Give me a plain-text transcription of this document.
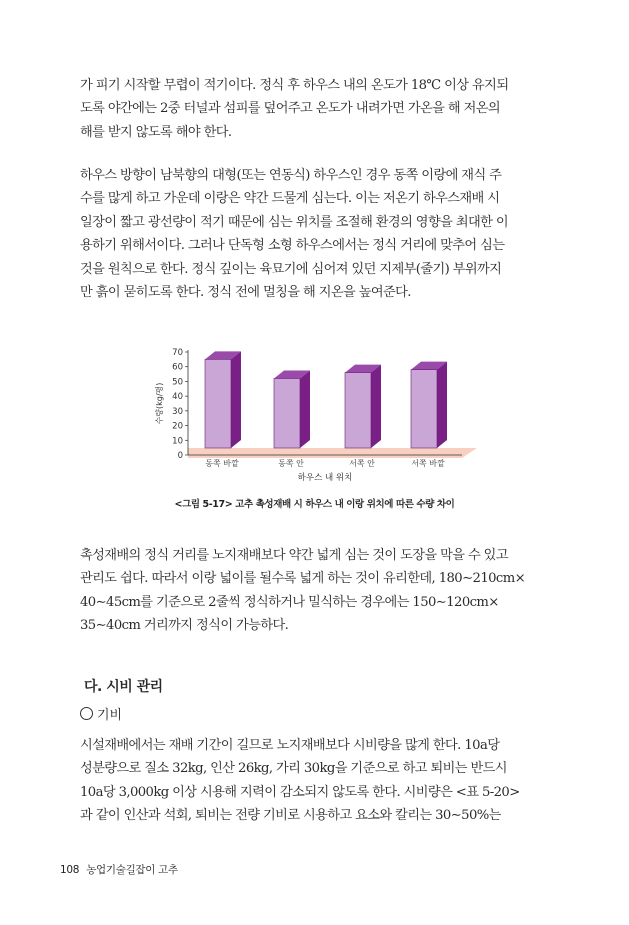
가 피기 시작할 무렵이 적기이다. 정식 후 하우스 내의 온도가 18℃ 이상 유지되
도록 야간에는 2중 터널과 섬피를 덮어주고 온도가 내려가면 가온을 해 저온의
해를 받지 않도록 해야 한다.
하우스 방향이 남북향의 대형(또는 연동식) 하우스인 경우 동쪽 이랑에 재식 주
수를 많게 하고 가운데 이랑은 약간 드물게 심는다. 이는 저온기 하우스재배 시
일장이 짧고 광선량이 적기 때문에 심는 위치를 조절해 환경의 영향을 최대한 이
용하기 위해서이다. 그러나 단독형 소형 하우스에서는 정식 거리에 맞추어 심는
것을 원칙으로 한다. 정식 깊이는 육묘기에 심어져 있던 지제부(줄기) 부위까지
만 흙이 묻히도록 한다. 정식 전에 멀칭을 해 지온을 높여준다.
0
10
20
30
40
50
60
70
수량(kg/평)
동쪽 바깥	동쪽 안	서쪽 안	서쪽 바깥
하우스 내 위치
<그림 5-17> 고추 촉성재배 시 하우스 내 이랑 위치에 따른 수량 차이
촉성재배의 정식 거리를 노지재배보다 약간 넓게 심는 것이 도장을 막을 수 있고
관리도 쉽다. 따라서 이랑 넓이를 될수록 넓게 하는 것이 유리한데, 180∼210cm×
40∼45cm를 기준으로 2줄씩 정식하거나 밀식하는 경우에는 150∼120cm×
35∼40cm 거리까지 정식이 가능하다.
다. 시비 관리
기비
시설재배에서는 재배 기간이 길므로 노지재배보다 시비량을 많게 한다. 10a당
성분량으로 질소 32kg, 인산 26kg, 가리 30kg을 기준으로 하고 퇴비는 반드시
10a당 3,000kg 이상 시용해 지력이 감소되지 않도록 한다. 시비량은 <표 5-20>
과 같이 인산과 석회, 퇴비는 전량 기비로 시용하고 요소와 칼리는 30∼50%는
108 농업기술길잡이 고추
